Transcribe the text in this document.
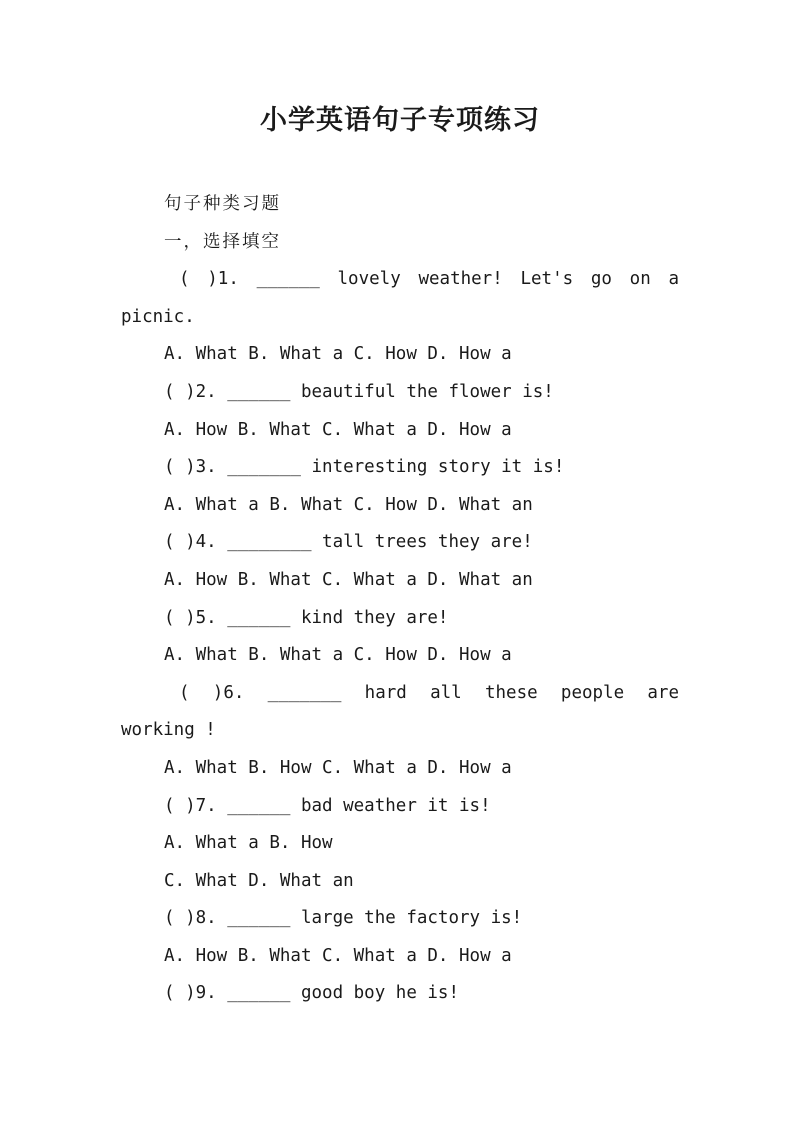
小学英语句子专项练习
句子种类习题
一，选择填空
( )1. ______ lovely weather! Let's go on a
picnic.
A. What B. What a C. How D. How a
( )2. ______ beautiful the flower is!
A. How B. What C. What a D. How a
( )3. _______ interesting story it is!
A. What a B. What C. How D. What an
( )4. ________ tall trees they are!
A. How B. What C. What a D. What an
( )5. ______ kind they are!
A. What B. What a C. How D. How a
( )6. _______ hard all these people are
working !
A. What B. How C. What a D. How a
( )7. ______ bad weather it is!
A. What a B. How
C. What D. What an
( )8. ______ large the factory is!
A. How B. What C. What a D. How a
( )9. ______ good boy he is!
